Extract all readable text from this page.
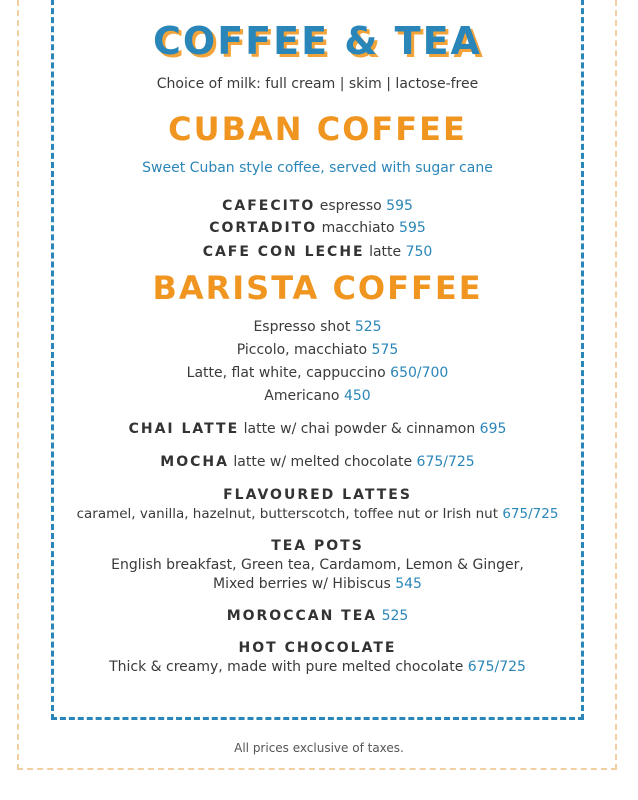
COFFEE & TEA
Choice of milk: full cream | skim | lactose-free
CUBAN COFFEE
Sweet Cuban style coffee, served with sugar cane
CAFECITO espresso 595
CORTADITO macchiato 595
CAFE CON LECHE latte 750
BARISTA COFFEE
Espresso shot 525
Piccolo, macchiato 575
Latte, flat white, cappuccino 650/700
Americano 450
CHAI LATTE latte w/ chai powder & cinnamon 695
MOCHA latte w/ melted chocolate 675/725
FLAVOURED LATTES
caramel, vanilla, hazelnut, butterscotch, toffee nut or Irish nut 675/725
TEA POTS
English breakfast, Green tea, Cardamom, Lemon & Ginger,
Mixed berries w/ Hibiscus 545
MOROCCAN TEA 525
HOT CHOCOLATE
Thick & creamy, made with pure melted chocolate 675/725
All prices exclusive of taxes.
